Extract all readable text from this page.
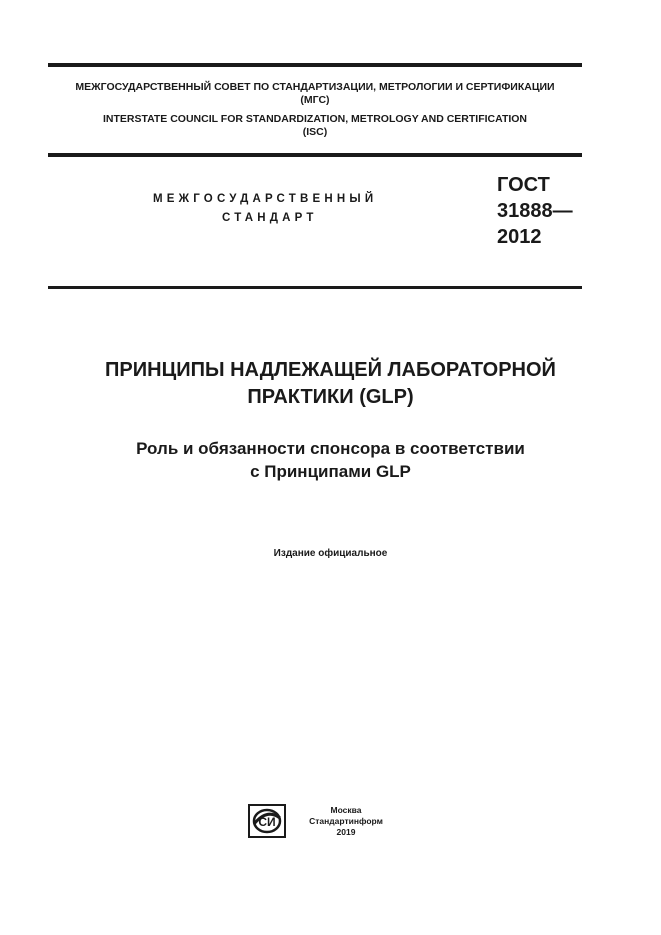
МЕЖГОСУДАРСТВЕННЫЙ СОВЕТ ПО СТАНДАРТИЗАЦИИ, МЕТРОЛОГИИ И СЕРТИФИКАЦИИ
(МГС)
INTERSTATE COUNCIL FOR STANDARDIZATION, METROLOGY AND CERTIFICATION
(ISC)
МЕЖГОСУДАРСТВЕННЫЙ
СТАНДАРТ
ГОСТ
31888—
2012
ПРИНЦИПЫ НАДЛЕЖАЩЕЙ ЛАБОРАТОРНОЙ
ПРАКТИКИ (GLP)
Роль и обязанности спонсора в соответствии
с Принципами GLP
Издание официальное
СИ
Москва
Стандартинформ
2019
